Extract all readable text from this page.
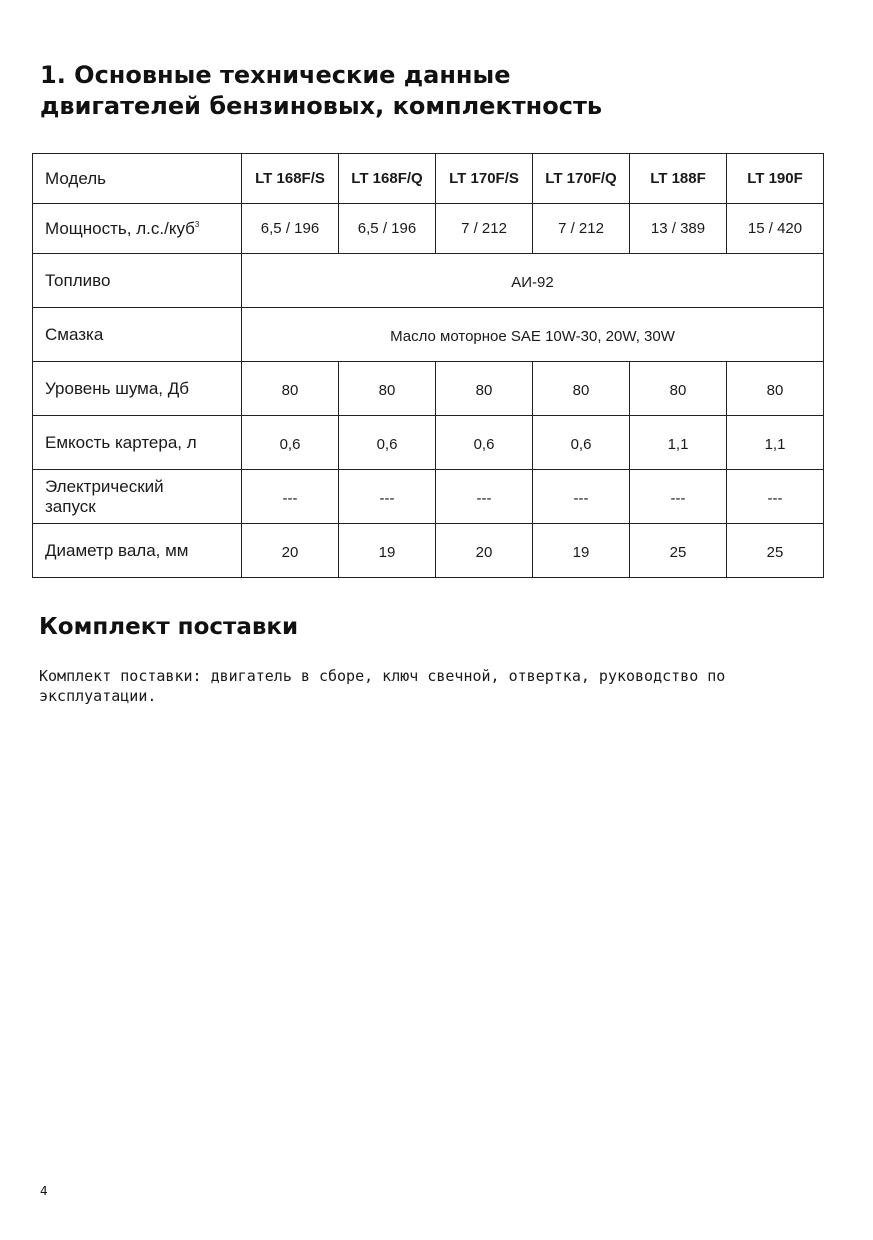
1. Основные технические данные
двигателей бензиновых, комплектность
Модель	LT 168F/S	LT 168F/Q	LT 170F/S	LT 170F/Q	LT 188F	LT 190F
Мощность, л.с./куб$^3$	6,5 / 196	6,5 / 196	7 / 212	7 / 212	13 / 389	15 / 420
Топливо	АИ-92					
Смазка	Масло моторное SAE 10W-30, 20W, 30W					
Уровень шума, Дб	80	80	80	80	80	80
Емкость картера, л	0,6	0,6	0,6	0,6	1,1	1,1

Электрический
запуск	---	---	---	---	---	---
Диаметр вала, мм	20	19	20	19	25	25
Комплект поставки

Комплект поставки: двигатель в сборе, ключ свечной, отвертка, руководство по
эксплуатации.

4
